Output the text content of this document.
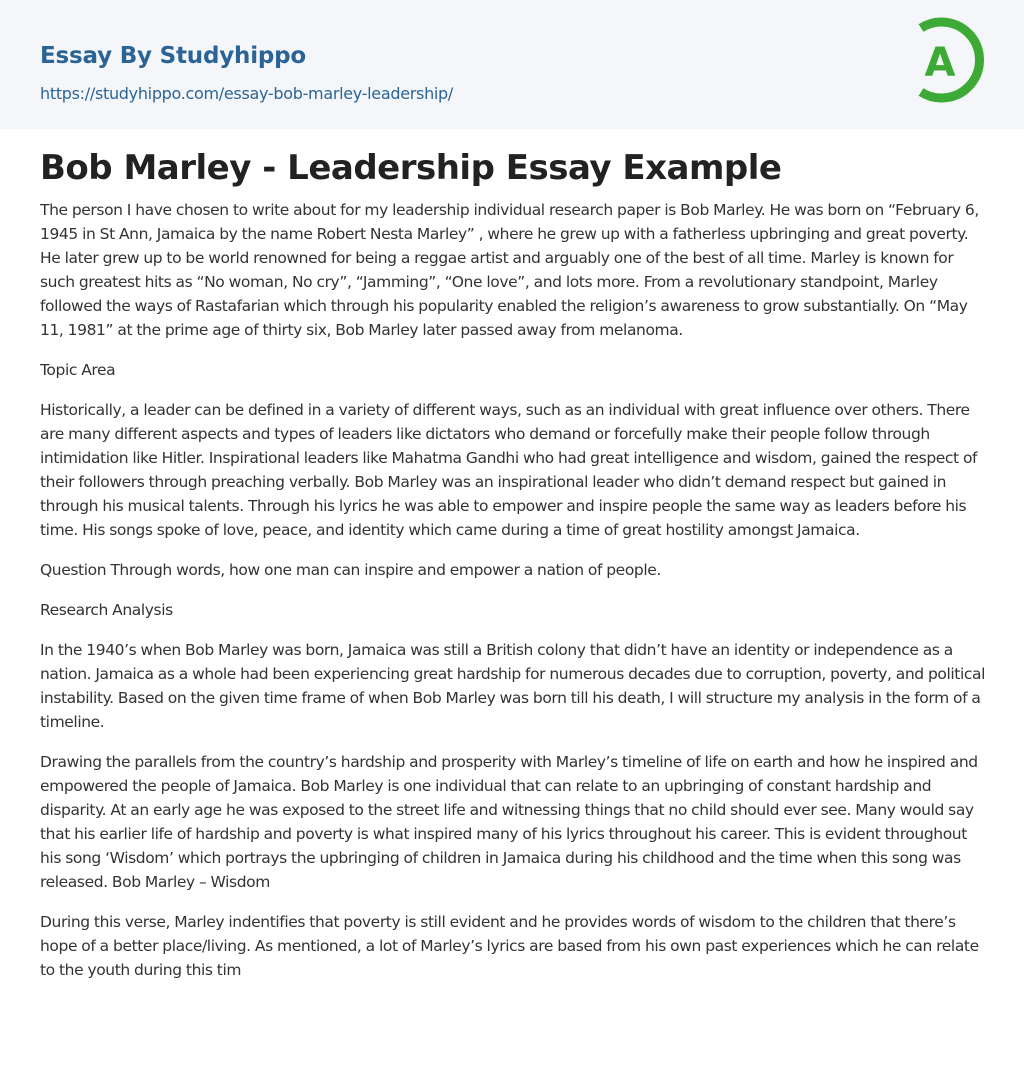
Essay By Studyhippo
https://studyhippo.com/essay-bob-marley-leadership/
A
Bob Marley - Leadership Essay Example

The person I have chosen to write about for my leadership individual research paper is Bob Marley. He was born on “February 6, 1945 in St Ann, Jamaica by the name Robert Nesta Marley” , where he grew up with a fatherless upbringing and great poverty. He later grew up to be world renowned for being a reggae artist and arguably one of the best of all time. Marley is known for such greatest hits as “No woman, No cry”, “Jamming”, “One love”, and lots more. From a revolutionary standpoint, Marley followed the ways of Rastafarian which through his popularity enabled the religion’s awareness to grow substantially. On “May 11, 1981” at the prime age of thirty six, Bob Marley later passed away from melanoma.

Topic Area

Historically, a leader can be defined in a variety of different ways, such as an individual with great influence over others. There are many different aspects and types of leaders like dictators who demand or forcefully make their people follow through intimidation like Hitler. Inspirational leaders like Mahatma Gandhi who had great intelligence and wisdom, gained the respect of their followers through preaching verbally. Bob Marley was an inspirational leader who didn’t demand respect but gained in through his musical talents. Through his lyrics he was able to empower and inspire people the same way as leaders before his time. His songs spoke of love, peace, and identity which came during a time of great hostility amongst Jamaica.

Question Through words, how one man can inspire and empower a nation of people.

Research Analysis

In the 1940’s when Bob Marley was born, Jamaica was still a British colony that didn’t have an identity or independence as a nation. Jamaica as a whole had been experiencing great hardship for numerous decades due to corruption, poverty, and political instability. Based on the given time frame of when Bob Marley was born till his death, I will structure my analysis in the form of a timeline.

Drawing the parallels from the country’s hardship and prosperity with Marley’s timeline of life on earth and how he inspired and empowered the people of Jamaica. Bob Marley is one individual that can relate to an upbringing of constant hardship and disparity. At an early age he was exposed to the street life and witnessing things that no child should ever see. Many would say that his earlier life of hardship and poverty is what inspired many of his lyrics throughout his career. This is evident throughout his song ‘Wisdom’ which portrays the upbringing of children in Jamaica during his childhood and the time when this song was released. Bob Marley – Wisdom

During this verse, Marley indentifies that poverty is still evident and he provides words of wisdom to the children that there’s hope of a better place/living. As mentioned, a lot of Marley’s lyrics are based from his own past experiences which he can relate to the youth during this tim
